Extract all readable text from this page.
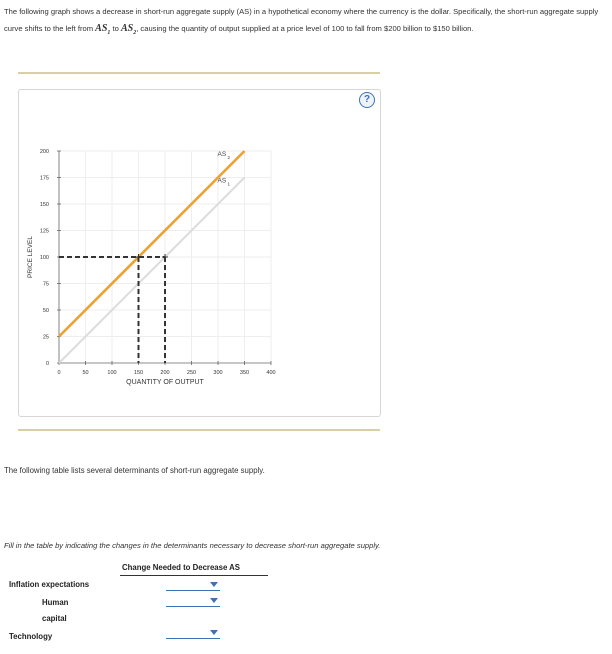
The following graph shows a decrease in short-run aggregate supply (AS) in a hypothetical economy where the currency is the dollar. Specifically, the short-run aggregate supply curve shifts to the left from $AS_1$ to $AS_2$, causing the quantity of output supplied at a price level of 100 to fall from $200 billion to $150 billion.
0
25
50
75
100
125
150
175
200
0	50	100	150	200	250	300	350	400
QUANTITY OF OUTPUT
PRICE LEVEL
AS 1
AS 2
?
The following table lists several determinants of short-run aggregate supply.
Fill in the table by indicating the changes in the determinants necessary to decrease short-run aggregate supply.
Change Needed to Decrease AS
Inflation expectations
Human
capital
Technology
